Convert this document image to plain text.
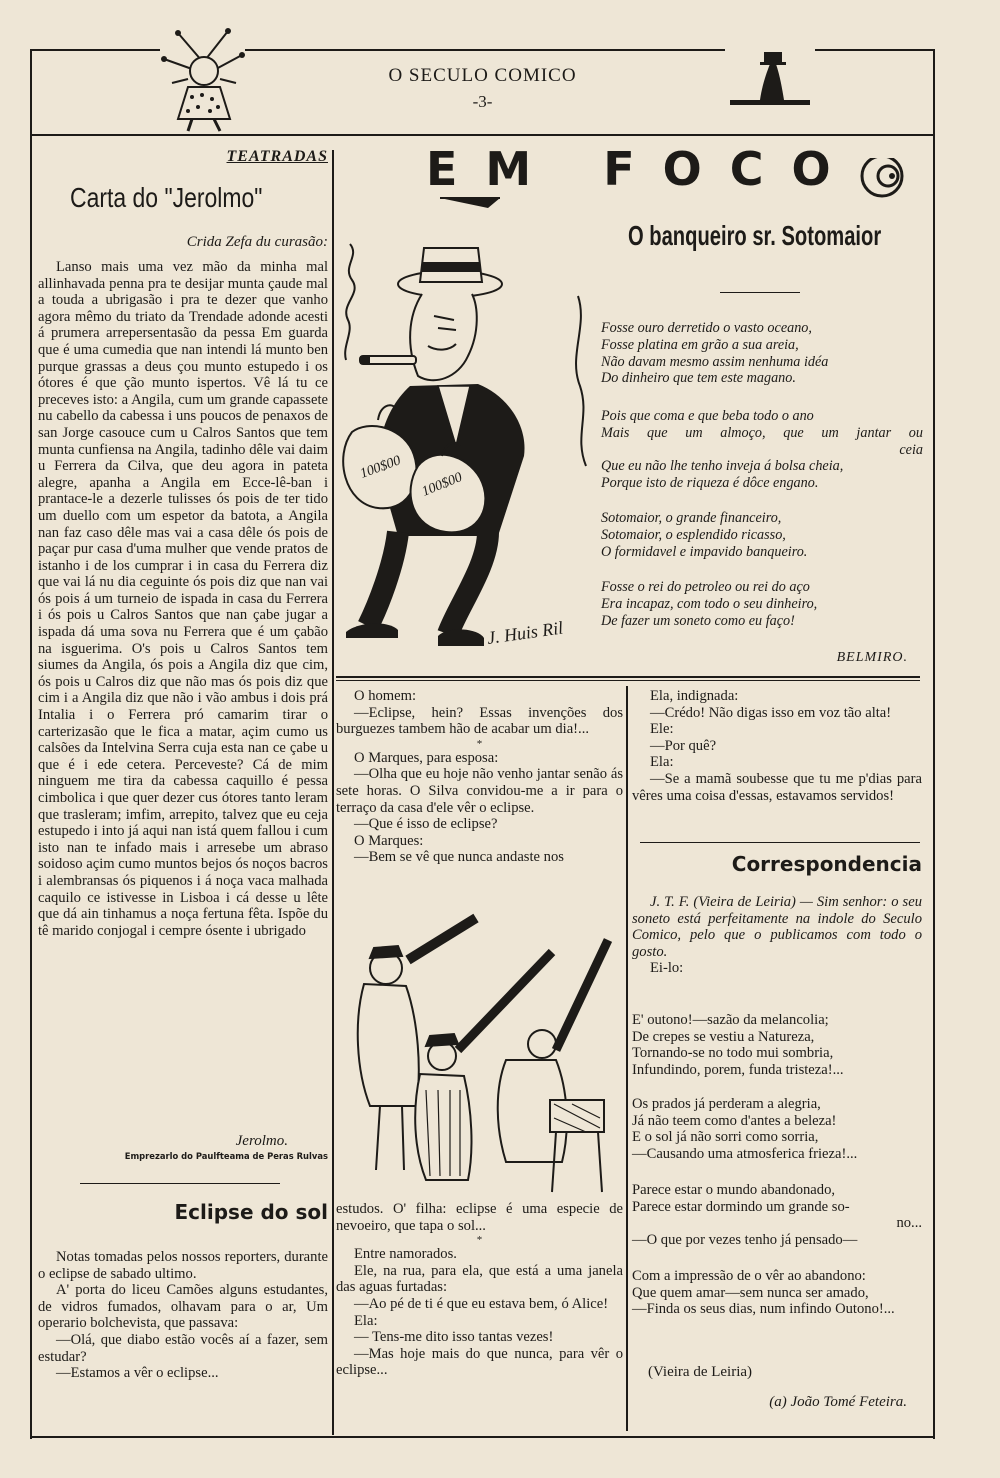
O SECULO COMICO
-3-
TEATRADAS
Carta do "Jerolmo"
Crida Zefa du curasão:
Lanso mais uma vez mão da minha mal allinhavada penna pra te desijar munta çaude mal a touda a ubrigasão i pra te dezer que vanho agora mêmo du triato da Trendade adonde acesti á prumera arrepersentasão da pessa Em guarda que é uma cumedia que nan intendi lá munto ben purque grassas a deus çou munto estupedo i os ótores é que ção munto ispertos. Vê lá tu ce preceves isto: a Angila, cum um grande capassete nu cabello da cabessa i uns poucos de penaxos de san Jorge casouce cum u Calros Santos que tem munta cunfiensa na Angila, tadinho dêle vai daim u Ferrera da Cilva, que deu agora in pateta alegre, apanha a Angila em Ecce-lê-ban i prantace-le a dezerle tulisses ós pois de ter tido um duello com um espetor da batota, a Angila nan faz caso dêle mas vai a casa dêle ós pois de paçar pur casa d'uma mulher que vende pratos de istanho i de los cumprar i in casa du Ferrera diz que vai lá nu dia ceguinte ós pois diz que nan vai ós pois á um turneio de ispada in casa du Ferrera i ós pois u Calros Santos que nan çabe jugar a ispada dá uma sova nu Ferrera que é um çabão na isguerima. O's pois u Calros Santos tem siumes da Angila, ós pois a Angila diz que cim, ós pois u Calros diz que não mas ós pois diz que cim i a Angila diz que não i vão ambus i dois prá Intalia i o Ferrera pró camarim tirar o carterizasão que le fica a matar, açim cumo us calsões da Intelvina Serra cuja esta nan ce çabe u que é i ede cetera. Perceveste? Cá de mim ninguem me tira da cabessa caquillo é pessa cimbolica i que quer dezer cus ótores tanto leram que trasleram; imfim, arrepito, talvez que eu ceja estupedo i into já aqui nan istá quem fallou i cum isto nan te infado mais i arresebe um abraso soidoso açim cumo muntos bejos ós noços bacros i alembransas ós piquenos i á noça vaca malhada caquilo ce istivesse in Lisboa i cá desse u lête que dá ain tinhamus a noça fertuna fêta. Ispõe du tê marido conjogal i cempre ósente i ubrigado
Jerolmo.
Emprezarlo do Paulfteama de Peras Rulvas
EM FOCO
O banqueiro sr. Sotomaior
100$00
100$00
J. Huis Ril
Fosse ouro derretido o vasto oceano,
Fosse platina em grão a sua areia,
Não davam mesmo assim nenhuma idéa
Do dinheiro que tem este magano.
Pois que coma e que beba todo o ano
Mais que um almoço, que um jantar ou
ceia
Que eu não lhe tenho inveja á bolsa cheia,
Porque isto de riqueza é dôce engano.
Sotomaior, o grande financeiro,
Sotomaior, o esplendido ricasso,
O formidavel e impavido banqueiro.
Fosse o rei do petroleo ou rei do aço
Era incapaz, com todo o seu dinheiro,
De fazer um soneto como eu faço!
BELMIRO.
Eclipse do sol

Notas tomadas pelos nossos reporters, durante o eclipse de sabado ultimo.

A' porta do liceu Camões alguns estudantes, de vidros fumados, olhavam para o ar, Um operario bolchevista, que passava:

—Olá, que diabo estão vocês aí a fazer, sem estudar?

—Estamos a vêr o eclipse...

O homem:

—Eclipse, hein? Essas invenções dos burguezes tambem hão de acabar um dia!...

*

O Marques, para esposa:

—Olha que eu hoje não venho jantar senão ás sete horas. O Silva convidou-me a ir para o terraço da casa d'ele vêr o eclipse.

—Que é isso de eclipse?

O Marques:

—Bem se vê que nunca andaste nos

estudos. O' filha: eclipse é uma especie de nevoeiro, que tapa o sol...

*

Entre namorados.

Ele, na rua, para ela, que está a uma janela das aguas furtadas:

—Ao pé de ti é que eu estava bem, ó Alice!

Ela:

— Tens-me dito isso tantas vezes!

—Mas hoje mais do que nunca, para vêr o eclipse...

Ela, indignada:

—Crédo! Não digas isso em voz tão alta!

Ele:

—Por quê?

Ela:

—Se a mamã soubesse que tu me p'dias para vêres uma coisa d'essas, estavamos servidos!

Correspondencia

J. T. F. (Vieira de Leiria) — Sim senhor: o seu soneto está perfeitamente na indole do Seculo Comico, pelo que o publicamos com todo o gosto.

Ei-lo:

E' outono!—sazão da melancolia;
De crepes se vestiu a Natureza,
Tornando-se no todo mui sombria,
Infundindo, porem, funda tristeza!...
Os prados já perderam a alegria,
Já não teem como d'antes a beleza!
E o sol já não sorri como sorria,
—Causando uma atmosferica frieza!...
Parece estar o mundo abandonado,
Parece estar dormindo um grande so-
no...
—O que por vezes tenho já pensado—
Com a impressão de o vêr ao abandono:
Que quem amar—sem nunca ser amado,
—Finda os seus dias, num infindo Outono!...
(Vieira de Leiria)
(a) João Tomé Feteira.
